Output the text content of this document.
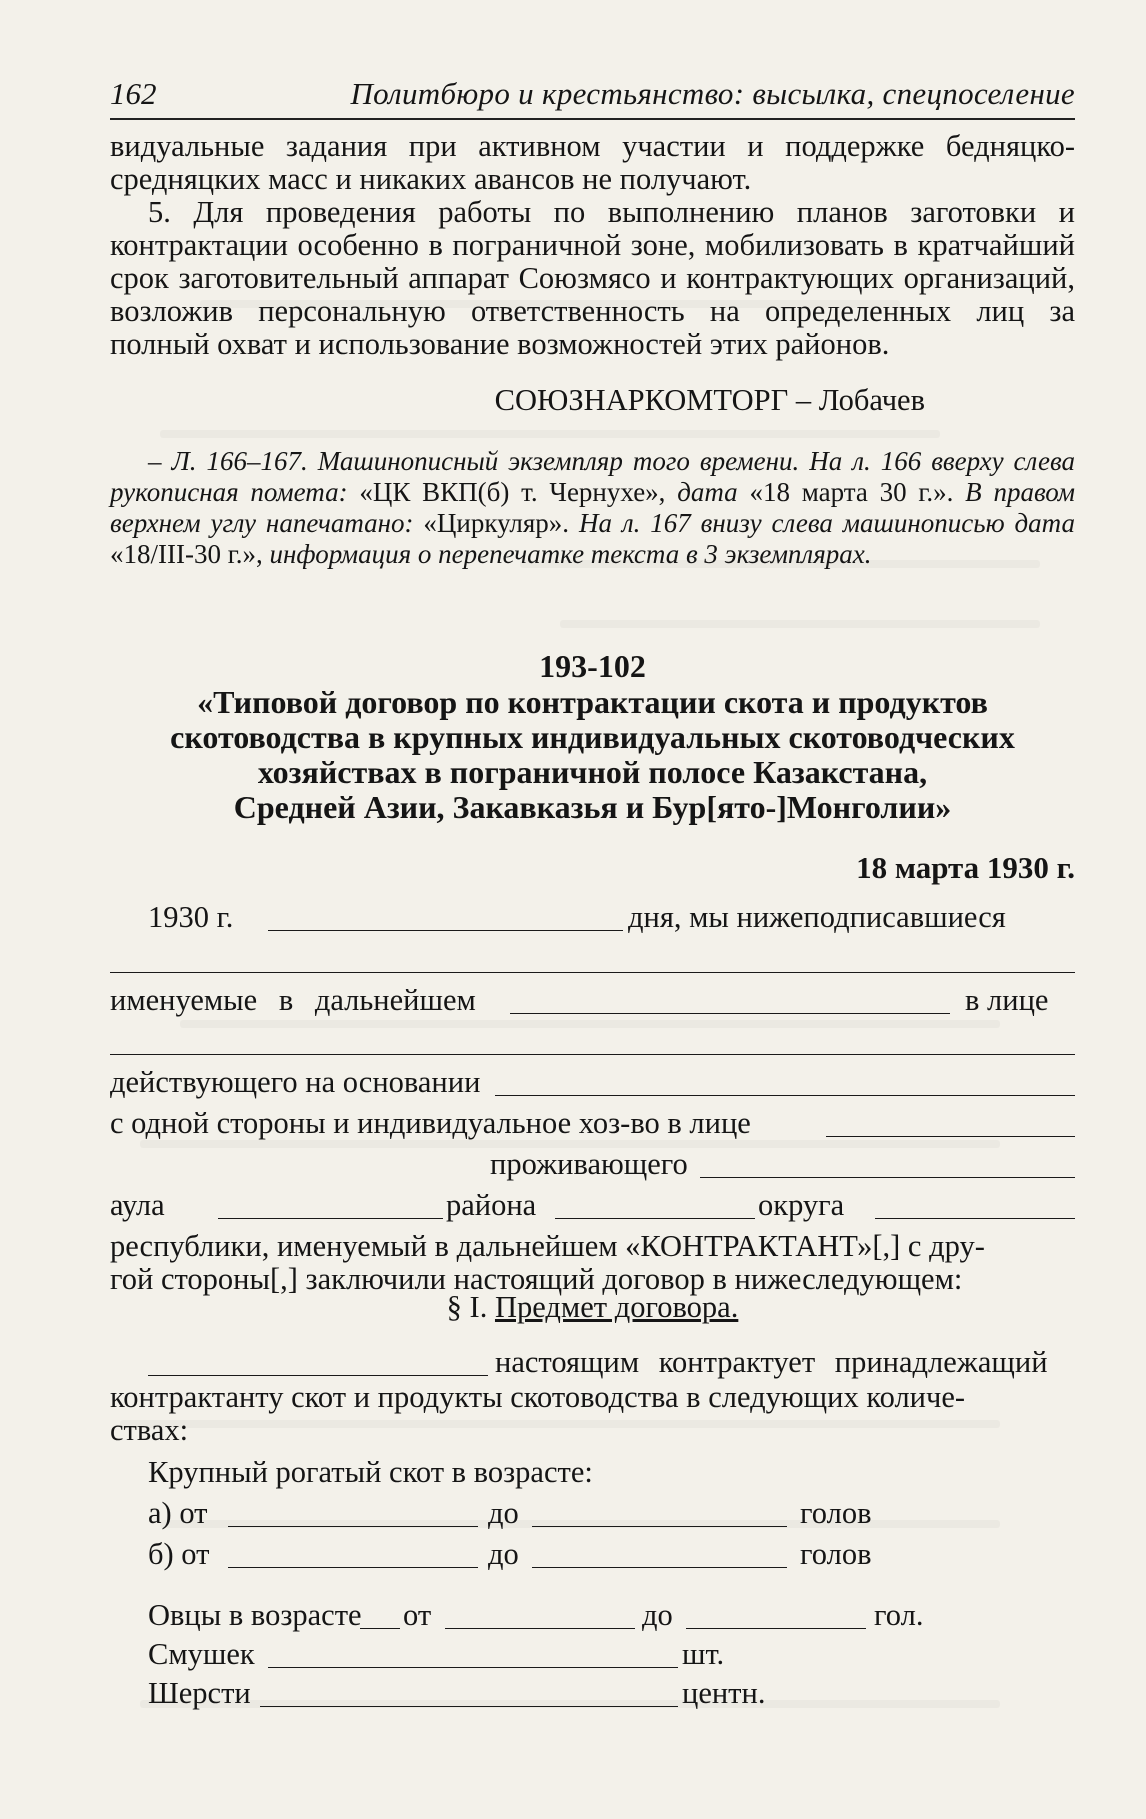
162	Политбюро и крестьянство: высылка, спецпоселение

видуальные задания при активном участии и поддержке бедняцко-средняцких масс и никаких авансов не получают.

5. Для проведения работы по выполнению планов заготовки и контрактации особенно в пограничной зоне, мобилизовать в кратчайший срок заготовительный аппарат Союзмясо и контрактующих организаций, возложив персональную ответственность на определенных лиц за полный охват и использование возможностей этих районов.

СОЮЗНАРКОМТОРГ – Лобачев
– Л. 166–167. Машинописный экземпляр того времени. На л. 166 вверху слева рукописная помета: «ЦК ВКП(б) т. Чернухе», дата «18 марта 30 г.». В правом верхнем углу напечатано: «Циркуляр». На л. 167 внизу слева машинописью дата «18/III-30 г.», информация о перепечатке текста в 3 экземплярах.
193-102
«Типовой договор по контрактации скота и продуктов
скотоводства в крупных индивидуальных скотоводческих
хозяйствах в пограничной полосе Казакстана,
Средней Азии, Закавказья и Бур[ято-]Монголии»
18 марта 1930 г.
1930 г.	дня, мы нижеподписавшиеся
именуемые в дальнейшем	в лице
действующего на основании
с одной стороны и индивидуальное хоз-во в лице
проживающего
аула	района	округа
республики, именуемый в дальнейшем «КОНТРАКТАНТ»[,] с дру-
гой стороны[,] заключили настоящий договор в нижеследующем:
§ I. Предмет договора.
настоящим контрактует принадлежащий
контрактанту скот и продукты скотоводства в следующих количе-
ствах:
Крупный рогатый скот в возрасте:
а) от	до	голов
б) от	до	голов
Овцы в возрасте от	до	гол.
Смушек	шт.
Шерсти	центн.
